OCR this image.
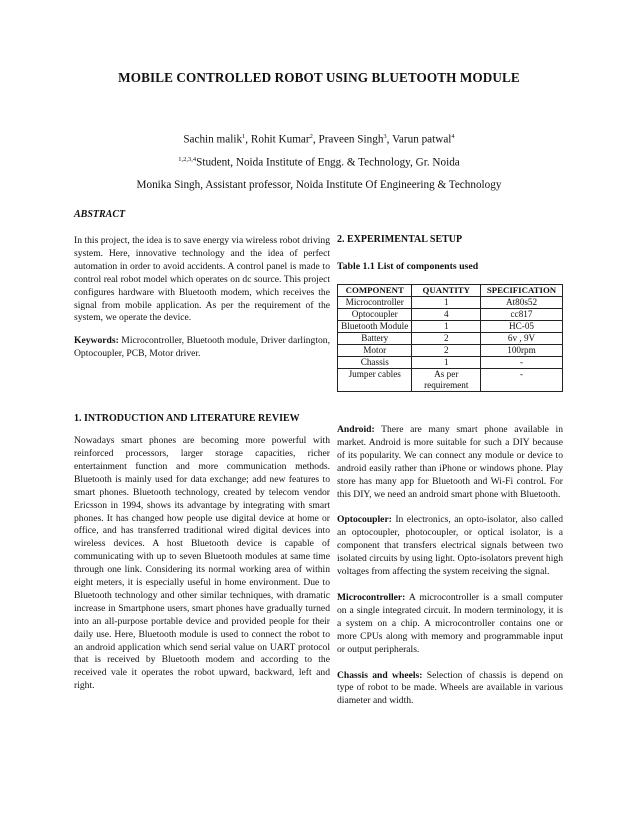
MOBILE CONTROLLED ROBOT USING BLUETOOTH MODULE
Sachin malik$^1$, Rohit Kumar$^2$, Praveen Singh$^3$, Varun patwal$^4$
$^{1,2,3,4}$Student, Noida Institute of Engg. & Technology, Gr. Noida
Monika Singh, Assistant professor, Noida Institute Of Engineering & Technology
ABSTRACT

In this project, the idea is to save energy via wireless robot driving system. Here, innovative technology and the idea of perfect automation in order to avoid accidents. A control panel is made to control real robot model which operates on dc source. This project configures hardware with Bluetooth modem, which receives the signal from mobile application. As per the requirement of the system, we operate the device.

Keywords: Microcontroller, Bluetooth module, Driver darlington, Optocoupler, PCB, Motor driver.

1. INTRODUCTION AND LITERATURE REVIEW

Nowadays smart phones are becoming more powerful with reinforced processors, larger storage capacities, richer entertainment function and more communication methods. Bluetooth is mainly used for data exchange; add new features to smart phones. Bluetooth technology, created by telecom vendor Ericsson in 1994, shows its advantage by integrating with smart phones. It has changed how people use digital device at home or office, and has transferred traditional wired digital devices into wireless devices. A host Bluetooth device is capable of communicating with up to seven Bluetooth modules at same time through one link. Considering its normal working area of within eight meters, it is especially useful in home environment. Due to Bluetooth technology and other similar techniques, with dramatic increase in Smartphone users, smart phones have gradually turned into an all-purpose portable device and provided people for their daily use. Here, Bluetooth module is used to connect the robot to an android application which send serial value on UART protocol that is received by Bluetooth modem and according to the received vale it operates the robot upward, backward, left and right.

2. EXPERIMENTAL SETUP
Table 1.1 List of components used
COMPONENT	QUANTITY	SPECIFICATION
Microcontroller	1	At80s52
Optocoupler	4	cc817
Bluetooth Module	1	HC-05
Battery	2	6v , 9V
Motor	2	100rpm
Chassis	1	-
Jumper cables	As per requirement	-

Android: There are many smart phone available in market. Android is more suitable for such a DIY because of its popularity. We can connect any module or device to android easily rather than iPhone or windows phone. Play store has many app for Bluetooth and Wi-Fi control. For this DIY, we need an android smart phone with Bluetooth.

Optocoupler: In electronics, an opto-isolator, also called an optocoupler, photocoupler, or optical isolator, is a component that transfers electrical signals between two isolated circuits by using light. Opto-isolators prevent high voltages from affecting the system receiving the signal.

Microcontroller: A microcontroller is a small computer on a single integrated circuit. In modern terminology, it is a system on a chip. A microcontroller contains one or more CPUs along with memory and programmable input or output peripherals.

Chassis and wheels: Selection of chassis is depend on type of robot to be made. Wheels are available in various diameter and width.
